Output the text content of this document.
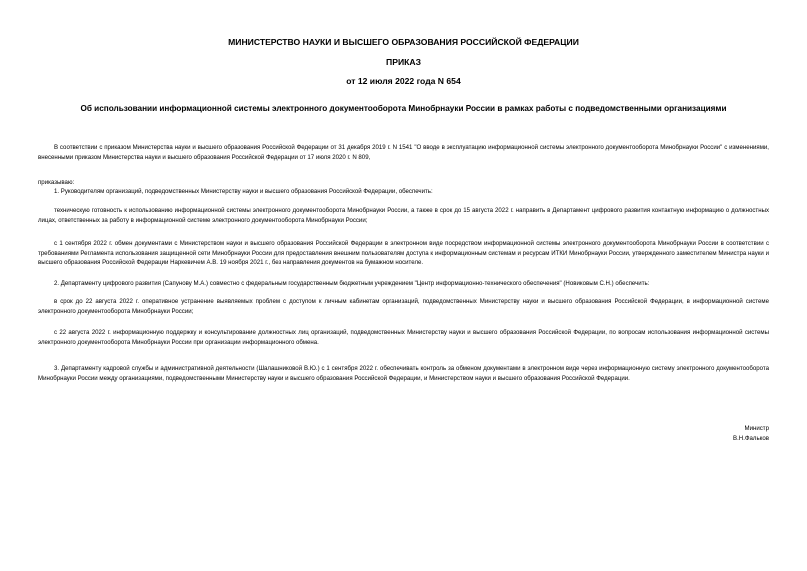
МИНИСТЕРСТВО НАУКИ И ВЫСШЕГО ОБРАЗОВАНИЯ РОССИЙСКОЙ ФЕДЕРАЦИИ
ПРИКАЗ
от 12 июля 2022 года N 654
Об использовании информационной системы электронного документооборота Минобрнауки России в рамках работы с подведомственными организациями

В соответствии с приказом Министерства науки и высшего образования Российской Федерации от 31 декабря 2019 г. N 1541 "О вводе в эксплуатацию информационной системы электронного документооборота Минобрнауки России" с изменениями, внесенными приказом Министерства науки и высшего образования Российской Федерации от 17 июля 2020 г. N 809,

приказываю:

1. Руководителям организаций, подведомственных Министерству науки и высшего образования Российской Федерации, обеспечить:

техническую готовность к использованию информационной системы электронного документооборота Минобрнауки России, а также в срок до 15 августа 2022 г. направить в Департамент цифрового развития контактную информацию о должностных лицах, ответственных за работу в информационной системе электронного документооборота Минобрнауки России;

с 1 сентября 2022 г. обмен документами с Министерством науки и высшего образования Российской Федерации в электронном виде посредством информационной системы электронного документооборота Минобрнауки России в соответствии с требованиями Регламента использования защищенной сети Минобрнауки России для предоставления внешним пользователям доступа к информационным системам и ресурсам ИТКИ Минобрнауки России, утвержденного заместителем Министра науки и высшего образования Российской Федерации Наркевичем А.В. 19 ноября 2021 г., без направления документов на бумажном носителе.

2. Департаменту цифрового развития (Сапунову М.А.) совместно с федеральным государственным бюджетным учреждением "Центр информационно-технического обеспечения" (Новиковым С.Н.) обеспечить:

в срок до 22 августа 2022 г. оперативное устранение выявляемых проблем с доступом к личным кабинетам организаций, подведомственных Министерству науки и высшего образования Российской Федерации, в информационной системе электронного документооборота Минобрнауки России;

с 22 августа 2022 г. информационную поддержку и консультирование должностных лиц организаций, подведомственных Министерству науки и высшего образования Российской Федерации, по вопросам использования информационной системы электронного документооборота Минобрнауки России при организации информационного обмена.

3. Департаменту кадровой службы и административной деятельности (Шалашниковой В.Ю.) с 1 сентября 2022 г. обеспечивать контроль за обменом документами в электронном виде через информационную систему электронного документооборота Минобрнауки России между организациями, подведомственными Министерству науки и высшего образования Российской Федерации, и Министерством науки и высшего образования Российской Федерации.

Министр
В.Н.Фальков
